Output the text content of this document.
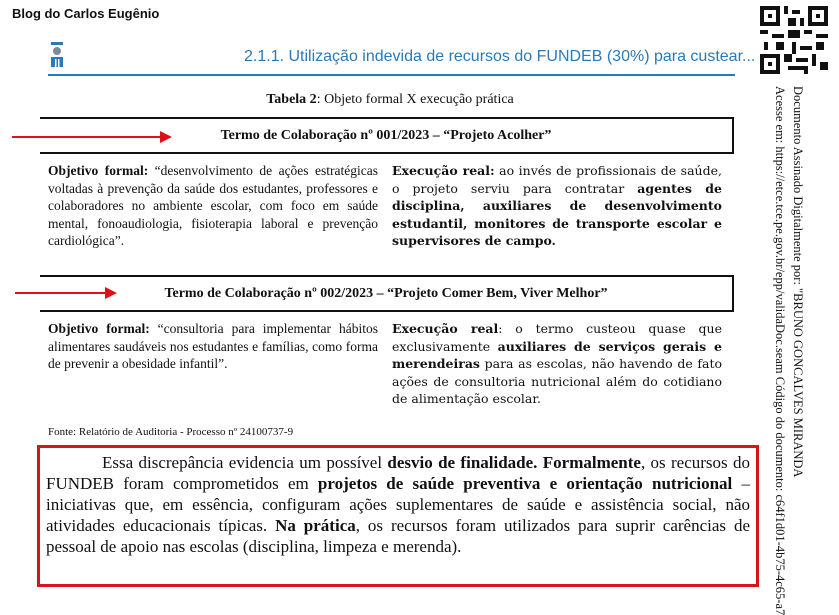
Blog do Carlos Eugênio
2.1.1. Utilização indevida de recursos do FUNDEB (30%) para custear...
Tabela 2: Objeto formal X execução prática
Termo de Colaboração nº 001/2023 – “Projeto Acolher”
Objetivo formal: “desenvolvimento de ações estratégicas voltadas à prevenção da saúde dos estudantes, professores e colaboradores no ambiente escolar, com foco em saúde mental, fonoaudiologia, fisioterapia laboral e prevenção cardiológica”.
Execução real: ao invés de profissionais de saúde, o projeto serviu para contratar agentes de disciplina, auxiliares de desenvolvimento estudantil, monitores de transporte escolar e supervisores de campo.
Termo de Colaboração nº 002/2023 – “Projeto Comer Bem, Viver Melhor”
Objetivo formal: “consultoria para implementar hábitos alimentares saudáveis nos estudantes e famílias, como forma de prevenir a obesidade infantil”.
Execução real: o termo custeou quase que exclusivamente auxiliares de serviços gerais e merendeiras para as escolas, não havendo de fato ações de consultoria nutricional além do cotidiano de alimentação escolar.
Fonte: Relatório de Auditoria - Processo nº 24100737-9
Essa discrepância evidencia um possível desvio de finalidade. Formalmente, os recursos do FUNDEB foram comprometidos em projetos de saúde preventiva e orientação nutricional – iniciativas que, em essência, configuram ações suplementares de saúde e assistência social, não atividades educacionais típicas. Na prática, os recursos foram utilizados para suprir carências de pessoal de apoio nas escolas (disciplina, limpeza e merenda).
Documento Assinado Digitalmente por: "BRUNO GONCALVES MIRANDA
Acesse em: https://etce.tce.pe.gov.br/epp/validaDoc.seam Código do documento: c64f1d01-4b75-4c65-a7
